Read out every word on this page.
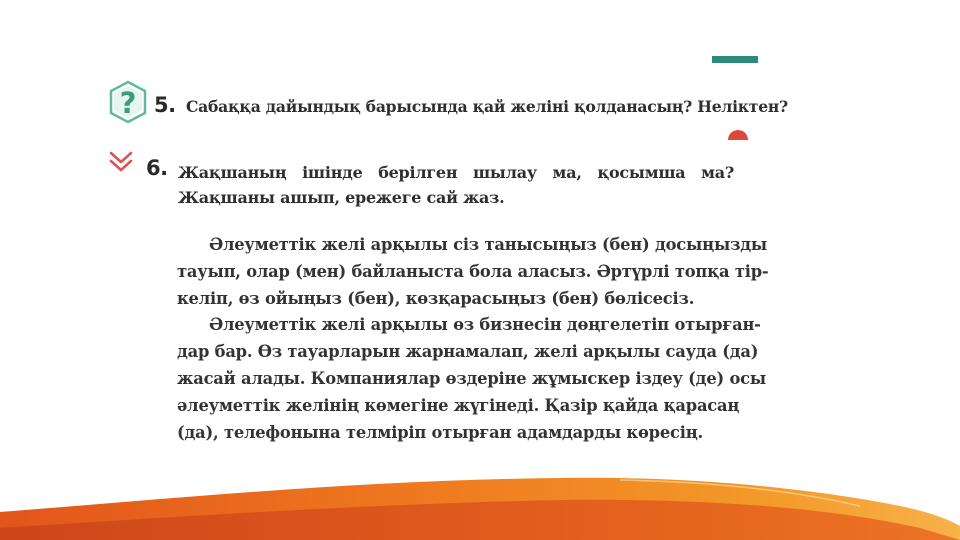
? 5. Сабаққа дайындық барысында қай желіні қолданасың? Неліктен?
6. Жақшаның ішінде берілген шылау ма, қосымша ма? Жақшаны ашып, ережеге сай жаз.
Әлеуметтік желі арқылы сіз танысыңыз (бен) досыңызды
тауып, олар (мен) байланыста бола аласыз. Әртүрлі топқа тір-
келіп, өз ойыңыз (бен), көзқарасыңыз (бен) бөлісесіз.
Әлеуметтік желі арқылы өз бизнесін дөңгелетіп отырған-
дар бар. Өз тауарларын жарнамалап, желі арқылы сауда (да)
жасай алады. Компаниялар өздеріне жұмыскер іздеу (де) осы
әлеуметтік желінің көмегіне жүгінеді. Қазір қайда қарасаң
(да), телефонына телміріп отырған адамдарды көресің.
